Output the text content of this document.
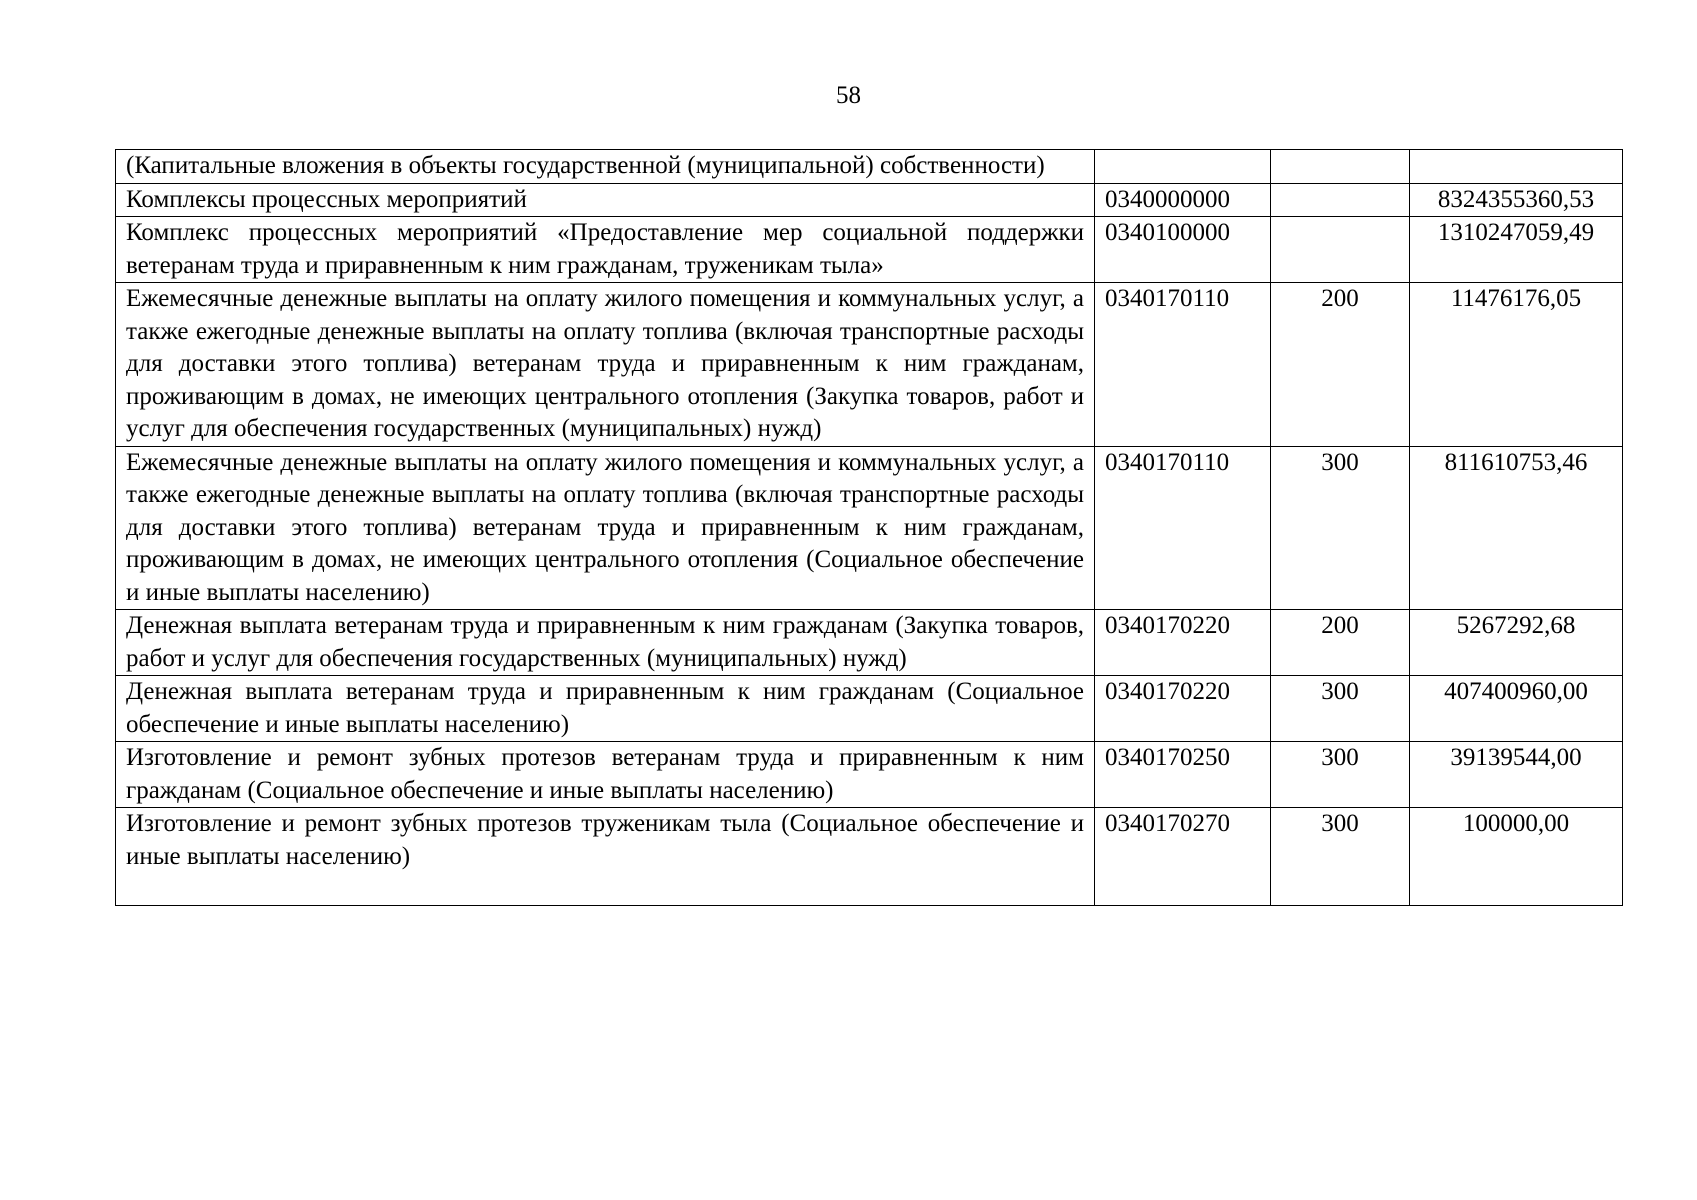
58
(Капитальные вложения в объекты государственной (муниципальной) собственности)			
Комплексы процессных мероприятий	0340000000		8324355360,53
Комплекс процессных мероприятий «Предоставление мер социальной поддержки ветеранам труда и приравненным к ним гражданам, труженикам тыла»	0340100000		1310247059,49
Ежемесячные денежные выплаты на оплату жилого помещения и коммунальных услуг, а также ежегодные денежные выплаты на оплату топлива (включая транспортные расходы для доставки этого топлива) ветеранам труда и приравненным к ним гражданам, проживающим в домах, не имеющих центрального отопления (Закупка товаров, работ и услуг для обеспечения государственных (муниципальных) нужд)	0340170110	200	11476176,05
Ежемесячные денежные выплаты на оплату жилого помещения и коммунальных услуг, а также ежегодные денежные выплаты на оплату топлива (включая транспортные расходы для доставки этого топлива) ветеранам труда и приравненным к ним гражданам, проживающим в домах, не имеющих центрального отопления (Социальное обеспечение и иные выплаты населению)	0340170110	300	811610753,46
Денежная выплата ветеранам труда и приравненным к ним гражданам (Закупка товаров, работ и услуг для обеспечения государственных (муниципальных) нужд)	0340170220	200	5267292,68
Денежная выплата ветеранам труда и приравненным к ним гражданам (Социальное обеспечение и иные выплаты населению)	0340170220	300	407400960,00
Изготовление и ремонт зубных протезов ветеранам труда и приравненным к ним гражданам (Социальное обеспечение и иные выплаты населению)	0340170250	300	39139544,00
Изготовление и ремонт зубных протезов труженикам тыла (Социальное обеспечение и иные выплаты населению)	0340170270	300	100000,00
